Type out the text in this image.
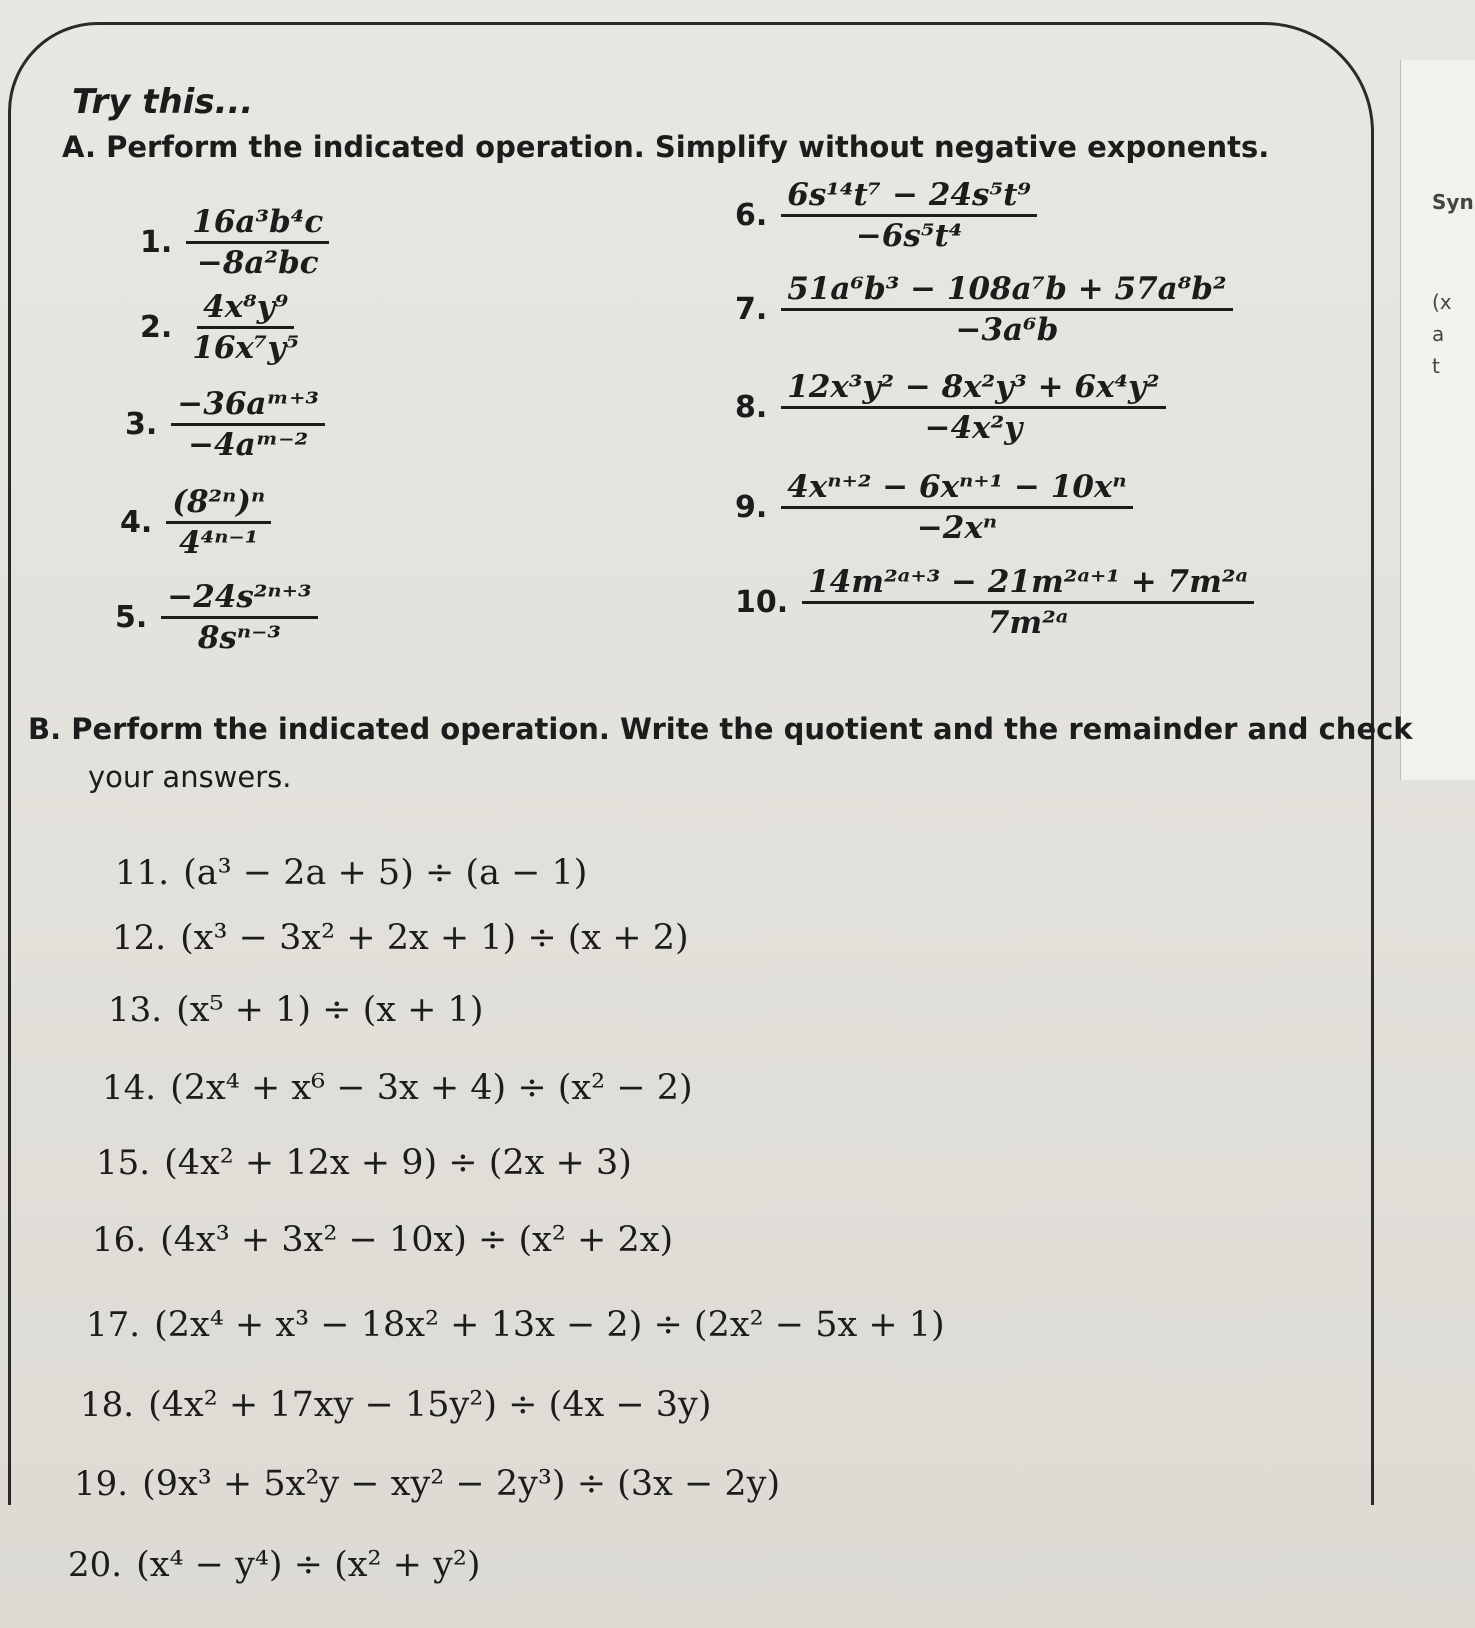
Syn
(x
a
t
Try this...
A. Perform the indicated operation. Simplify without negative exponents.
1. $\frac{\text{16a³b⁴c}}{\text{−8a²bc}}$
2. $\frac{\text{4x⁸y⁹}}{\text{16x⁷y⁵}}$
3. $\frac{\text{−36aᵐ⁺³}}{\text{−4aᵐ⁻²}}$
4. $\frac{\text{(8²ⁿ)ⁿ}}{\text{4⁴ⁿ⁻¹}}$
5. $\frac{\text{−24s²ⁿ⁺³}}{\text{8sⁿ⁻³}}$
6. $\frac{\text{6s¹⁴t⁷ − 24s⁵t⁹}}{\text{−6s⁵t⁴}}$
7. $\frac{\text{51a⁶b³ − 108a⁷b + 57a⁸b²}}{\text{−3a⁶b}}$
8. $\frac{\text{12x³y² − 8x²y³ + 6x⁴y²}}{\text{−4x²y}}$
9. $\frac{\text{4xⁿ⁺² − 6xⁿ⁺¹ − 10xⁿ}}{\text{−2xⁿ}}$
10. $\frac{\text{14m²ᵃ⁺³ − 21m²ᵃ⁺¹ + 7m²ᵃ}}{\text{7m²ᵃ}}$
B. Perform the indicated operation. Write the quotient and the remainder and check
your answers.
11. (a³ − 2a + 5) ÷ (a − 1)
12. (x³ − 3x² + 2x + 1) ÷ (x + 2)
13. (x⁵ + 1) ÷ (x + 1)
14. (2x⁴ + x⁶ − 3x + 4) ÷ (x² − 2)
15. (4x² + 12x + 9) ÷ (2x + 3)
16. (4x³ + 3x² − 10x) ÷ (x² + 2x)
17. (2x⁴ + x³ − 18x² + 13x − 2) ÷ (2x² − 5x + 1)
18. (4x² + 17xy − 15y²) ÷ (4x − 3y)
19. (9x³ + 5x²y − xy² − 2y³) ÷ (3x − 2y)
20. (x⁴ − y⁴) ÷ (x² + y²)
